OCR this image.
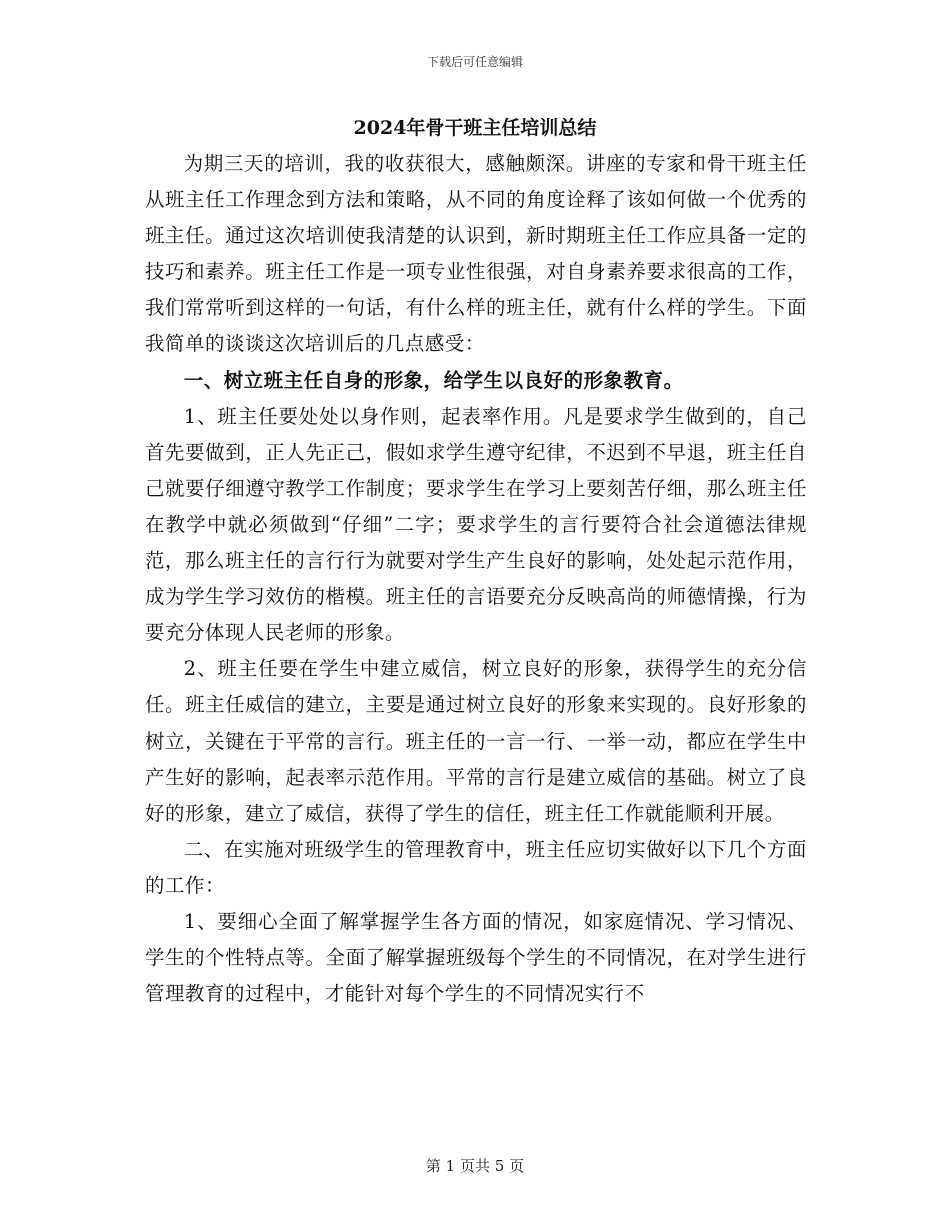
下载后可任意编辑
2024年骨干班主任培训总结

为期三天的培训，我的收获很大，感触颇深。讲座的专家和骨干班主任从班主任工作理念到方法和策略，从不同的角度诠释了该如何做一个优秀的班主任。通过这次培训使我清楚的认识到，新时期班主任工作应具备一定的技巧和素养。班主任工作是一项专业性很强，对自身素养要求很高的工作，我们常常听到这样的一句话，有什么样的班主任，就有什么样的学生。下面我简单的谈谈这次培训后的几点感受：

一、树立班主任自身的形象，给学生以良好的形象教育。

1、班主任要处处以身作则，起表率作用。凡是要求学生做到的，自己首先要做到，正人先正己，假如求学生遵守纪律，不迟到不早退，班主任自己就要仔细遵守教学工作制度；要求学生在学习上要刻苦仔细，那么班主任在教学中就必须做到“仔细”二字；要求学生的言行要符合社会道德法律规范，那么班主任的言行行为就要对学生产生良好的影响，处处起示范作用，成为学生学习效仿的楷模。班主任的言语要充分反映高尚的师德情操，行为要充分体现人民老师的形象。

2、班主任要在学生中建立威信，树立良好的形象，获得学生的充分信任。班主任威信的建立，主要是通过树立良好的形象来实现的。良好形象的树立，关键在于平常的言行。班主任的一言一行、一举一动，都应在学生中产生好的影响，起表率示范作用。平常的言行是建立威信的基础。树立了良好的形象，建立了威信，获得了学生的信任，班主任工作就能顺利开展。

二、在实施对班级学生的管理教育中，班主任应切实做好以下几个方面的工作：

1、要细心全面了解掌握学生各方面的情况，如家庭情况、学习情况、学生的个性特点等。全面了解掌握班级每个学生的不同情况，在对学生进行管理教育的过程中，才能针对每个学生的不同情况实行不

第 1 页共 5 页
